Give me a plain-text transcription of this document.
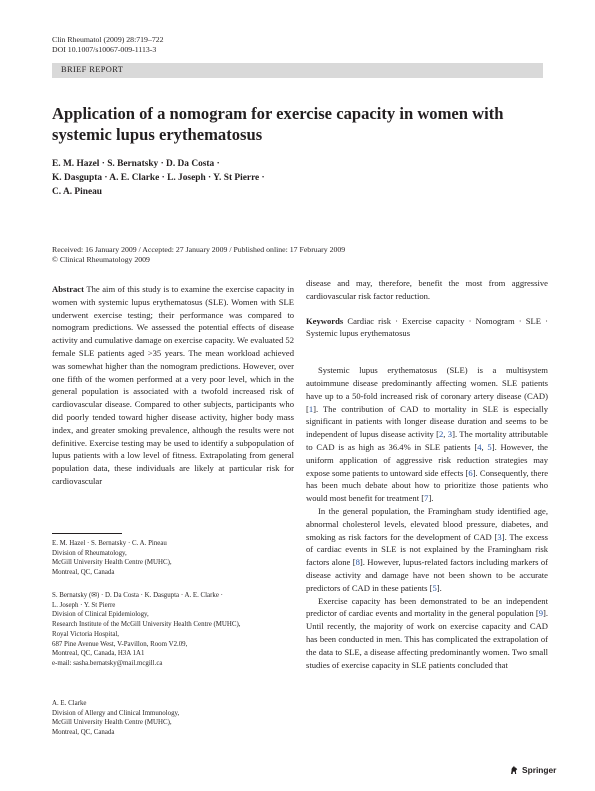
Clin Rheumatol (2009) 28:719–722
DOI 10.1007/s10067-009-1113-3
BRIEF REPORT
Application of a nomogram for exercise capacity in women with systemic lupus erythematosus
E. M. Hazel · S. Bernatsky · D. Da Costa ·
K. Dasgupta · A. E. Clarke · L. Joseph · Y. St Pierre ·
C. A. Pineau
Received: 16 January 2009 / Accepted: 27 January 2009 / Published online: 17 February 2009
© Clinical Rheumatology 2009

Abstract The aim of this study is to examine the exercise capacity in women with systemic lupus erythematosus (SLE). Women with SLE underwent exercise testing; their performance was compared to nomogram predictions. We assessed the potential effects of disease activity and cumulative damage on exercise capacity. We evaluated 52 female SLE patients aged >35 years. The mean workload achieved was somewhat higher than the nomogram predictions. However, over one fifth of the women performed at a very poor level, which in the general population is associated with a twofold increased risk of cardiovascular disease. Compared to other subjects, participants who did poorly tended toward higher disease activity, higher body mass index, and greater smoking prevalence, although the results were not definitive. Exercise testing may be used to identify a subpopulation of lupus patients with a low level of fitness. Extrapolating from general population data, these individuals are likely at particular risk for cardiovascular

E. M. Hazel · S. Bernatsky · C. A. Pineau
Division of Rheumatology,
McGill University Health Centre (MUHC),
Montreal, QC, Canada
S. Bernatsky (✉) · D. Da Costa · K. Dasgupta · A. E. Clarke ·
L. Joseph · Y. St Pierre
Division of Clinical Epidemiology,
Research Institute of the McGill University Health Centre (MUHC),
Royal Victoria Hospital,
687 Pine Avenue West, V-Pavillon, Room V2.09,
Montreal, QC, Canada, H3A 1A1
e-mail: sasha.bernatsky@mail.mcgill.ca
A. E. Clarke
Division of Allergy and Clinical Immunology,
McGill University Health Centre (MUHC),
Montreal, QC, Canada

disease and may, therefore, benefit the most from aggressive cardiovascular risk factor reduction.

Keywords Cardiac risk · Exercise capacity · Nomogram · SLE · Systemic lupus erythematosus

Systemic lupus erythematosus (SLE) is a multisystem autoimmune disease predominantly affecting women. SLE patients have up to a 50-fold increased risk of coronary artery disease (CAD) [1]. The contribution of CAD to mortality in SLE is especially significant in patients with longer disease duration and seems to be independent of lupus disease activity [2, 3]. The mortality attributable to CAD is as high as 36.4% in SLE patients [4, 5]. However, the uniform application of aggressive risk reduction strategies may expose some patients to untoward side effects [6]. Consequently, there has been much debate about how to prioritize those patients who would most benefit for treatment [7].

In the general population, the Framingham study identified age, abnormal cholesterol levels, elevated blood pressure, diabetes, and smoking as risk factors for the development of CAD [3]. The excess of cardiac events in SLE is not explained by the Framingham risk factors alone [8]. However, lupus-related factors including markers of disease activity and damage have not been shown to be accurate predictors of CAD in these patients [5].

Exercise capacity has been demonstrated to be an independent predictor of cardiac events and mortality in the general population [9]. Until recently, the majority of work on exercise capacity and CAD has been conducted in men. This has complicated the extrapolation of the data to SLE, a disease affecting predominantly women. Two small studies of exercise capacity in SLE patients concluded that

Springer
